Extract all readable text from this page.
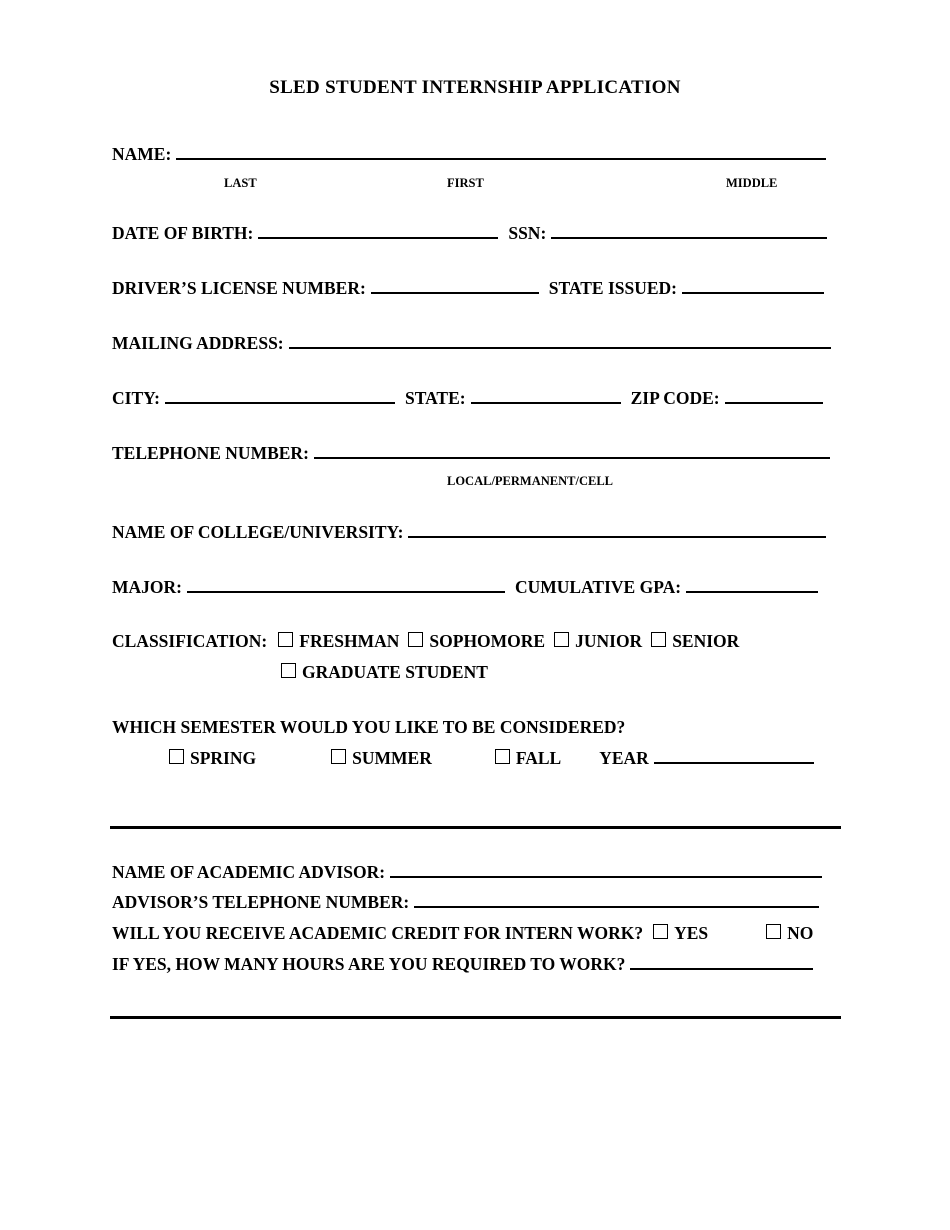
SLED STUDENT INTERNSHIP APPLICATION
NAME:
LAST	FIRST	MIDDLE
DATE OF BIRTH:	SSN:
DRIVER’S LICENSE NUMBER:	STATE ISSUED:
MAILING ADDRESS:
CITY:	STATE:	ZIP CODE:
TELEPHONE NUMBER:
LOCAL/PERMANENT/CELL
NAME OF COLLEGE/UNIVERSITY:
MAJOR:	CUMULATIVE GPA:
CLASSIFICATION: FRESHMAN SOPHOMORE JUNIOR SENIOR
GRADUATE STUDENT
WHICH SEMESTER WOULD YOU LIKE TO BE CONSIDERED?
SPRING	SUMMER	FALL YEAR
NAME OF ACADEMIC ADVISOR:
ADVISOR’S TELEPHONE NUMBER:
WILL YOU RECEIVE ACADEMIC CREDIT FOR INTERN WORK? YES	NO
IF YES, HOW MANY HOURS ARE YOU REQUIRED TO WORK?
